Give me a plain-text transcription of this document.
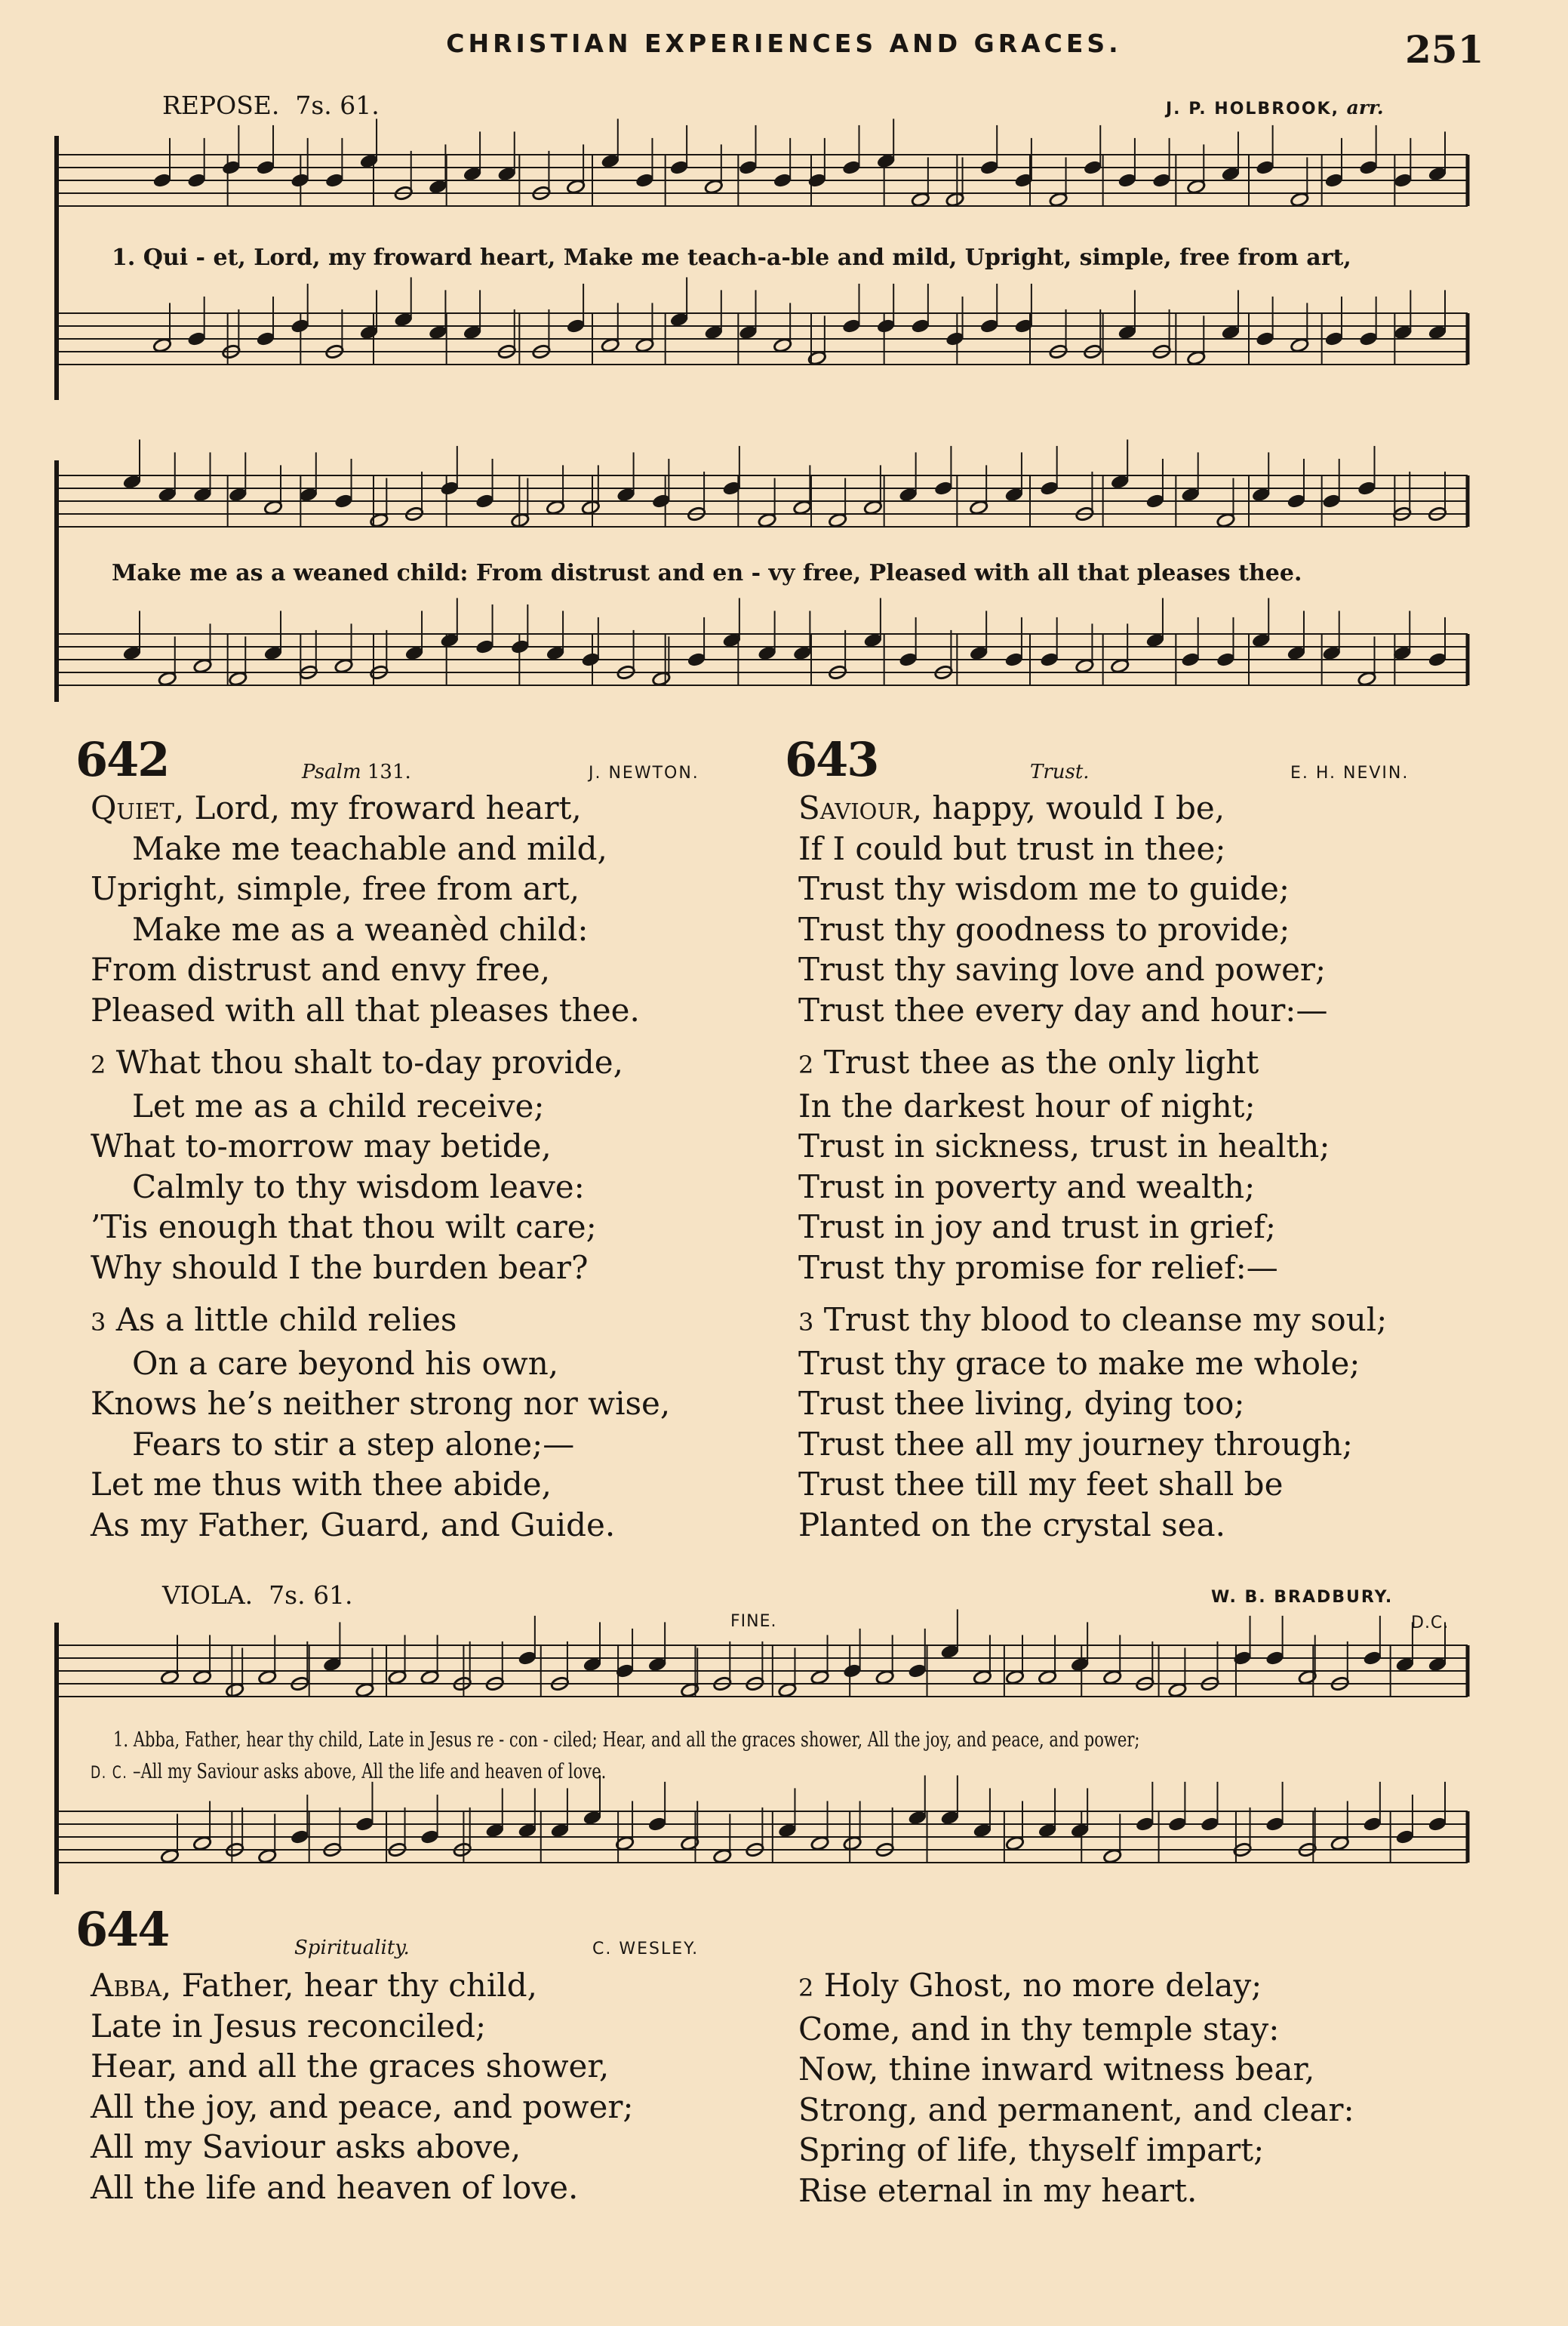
CHRISTIAN EXPERIENCES AND GRACES.	251
REPOSE. 7s. 61.	J. P. HOLBROOK, arr.
1. Qui - et, Lord, my froward heart, Make me teach-a-ble and mild, Upright, simple, free from art,
Make me as a weaned child: From distrust and en - vy free, Pleased with all that pleases thee.
642	Psalm 131.	J. NEWTON.
Quiet, Lord, my froward heart,
Make me teachable and mild,
Upright, simple, free from art,
Make me as a weanèd child:
From distrust and envy free,
Pleased with all that pleases thee.
2 What thou shalt to-day provide,
Let me as a child receive;
What to-morrow may betide,
Calmly to thy wisdom leave:
’Tis enough that thou wilt care;
Why should I the burden bear?
3 As a little child relies
On a care beyond his own,
Knows he’s neither strong nor wise,
Fears to stir a step alone;—
Let me thus with thee abide,
As my Father, Guard, and Guide.
643	Trust.	E. H. NEVIN.
Saviour, happy, would I be,
If I could but trust in thee;
Trust thy wisdom me to guide;
Trust thy goodness to provide;
Trust thy saving love and power;
Trust thee every day and hour:—
2 Trust thee as the only light
In the darkest hour of night;
Trust in sickness, trust in health;
Trust in poverty and wealth;
Trust in joy and trust in grief;
Trust thy promise for relief:—
3 Trust thy blood to cleanse my soul;
Trust thy grace to make me whole;
Trust thee living, dying too;
Trust thee all my journey through;
Trust thee till my feet shall be
Planted on the crystal sea.
VIOLA. 7s. 61.	W. B. BRADBURY.
FINE.	D.C.
1. Abba, Father, hear thy child, Late in Jesus re - con - ciled; Hear, and all the graces shower, All the joy, and peace, and power;
D. C. –All my Saviour asks above, All the life and heaven of love.
644	Spirituality.	C. WESLEY.
Abba, Father, hear thy child,
Late in Jesus reconciled;
Hear, and all the graces shower,
All the joy, and peace, and power;
All my Saviour asks above,
All the life and heaven of love.
2 Holy Ghost, no more delay;
Come, and in thy temple stay:
Now, thine inward witness bear,
Strong, and permanent, and clear:
Spring of life, thyself impart;
Rise eternal in my heart.
